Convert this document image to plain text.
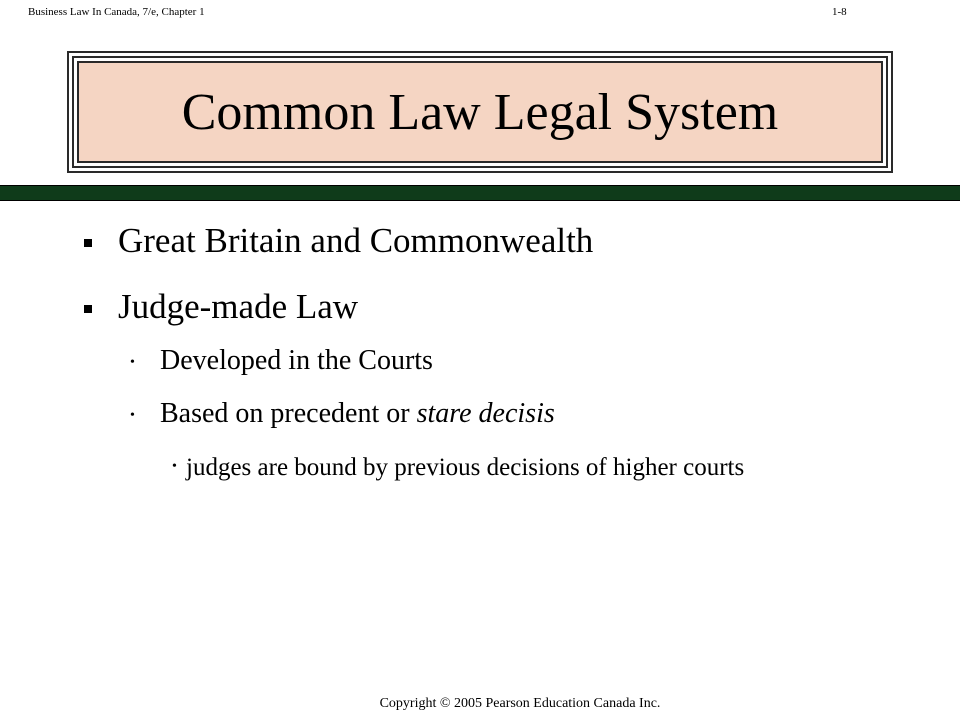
Business Law In Canada, 7/e, Chapter 1	1-8
Common Law Legal System
Great Britain and Commonwealth
Judge-made Law
• Developed in the Courts
• Based on precedent or stare decisis
• judges are bound by previous decisions of higher courts
Copyright © 2005 Pearson Education Canada Inc.
